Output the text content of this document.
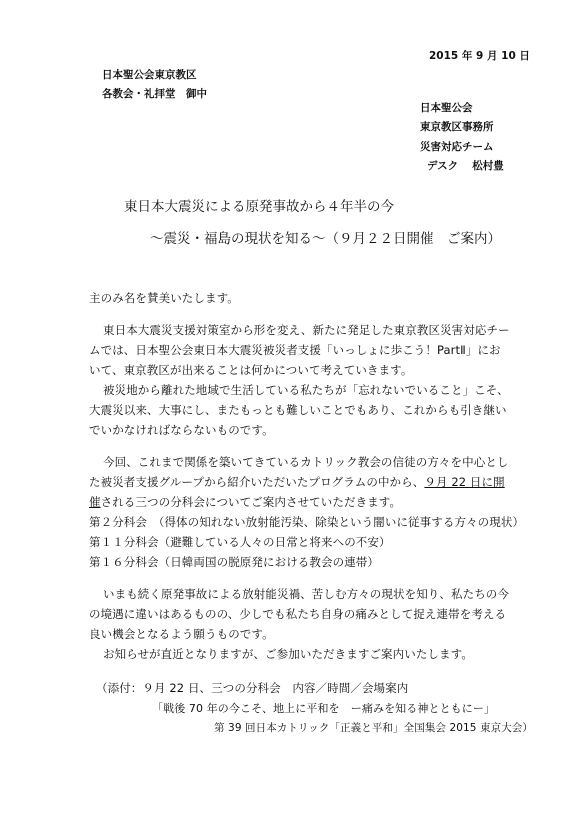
2015 年 9 月 10 日
日本聖公会東京教区
各教会・礼拝堂　御中
日本聖公会
東京教区事務所
災害対応チーム
デスク　 松村豊
東日本大震災による原発事故から４年半の今
～震災・福島の現状を知る～（９月２２日開催　ご案内）
主のみ名を賛美いたします。
東日本大震災支援対策室から形を変え、新たに発足した東京教区災害対応チー
ムでは、日本聖公会東日本大震災被災者支援「いっしょに歩こう！PartⅡ」にお
いて、東京教区が出来ることは何かについて考えていきます。
被災地から離れた地域で生活している私たちが「忘れないでいること」こそ、
大震災以来、大事にし、またもっとも難しいことでもあり、これからも引き継い
でいかなければならないものです。
今回、これまで関係を築いてきているカトリック教会の信徒の方々を中心とし
た被災者支援グループから紹介いただいたプログラムの中から、９月 22 日に開
催される三つの分科会についてご案内させていただきます。
第２分科会　（得体の知れない放射能汚染、除染という闇いに従事する方々の現状）
第１１分科会（避難している人々の日常と将来への不安）
第１６分科会（日韓両国の脱原発における教会の連帯）
いまも続く原発事故による放射能災禍、苦しむ方々の現状を知り、私たちの今
の境遇に違いはあるものの、少しでも私たち自身の痛みとして捉え連帯を考える
良い機会となるよう願うものです。
お知らせが直近となりますが、ご参加いただきますご案内いたします。
（添付：９月 22 日、三つの分科会　内容／時間／会場案内
「戦後 70 年の今こそ、地上に平和を　ー痛みを知る神とともにー」
第 39 回日本カトリック「正義と平和」全国集会 2015 東京大会）
